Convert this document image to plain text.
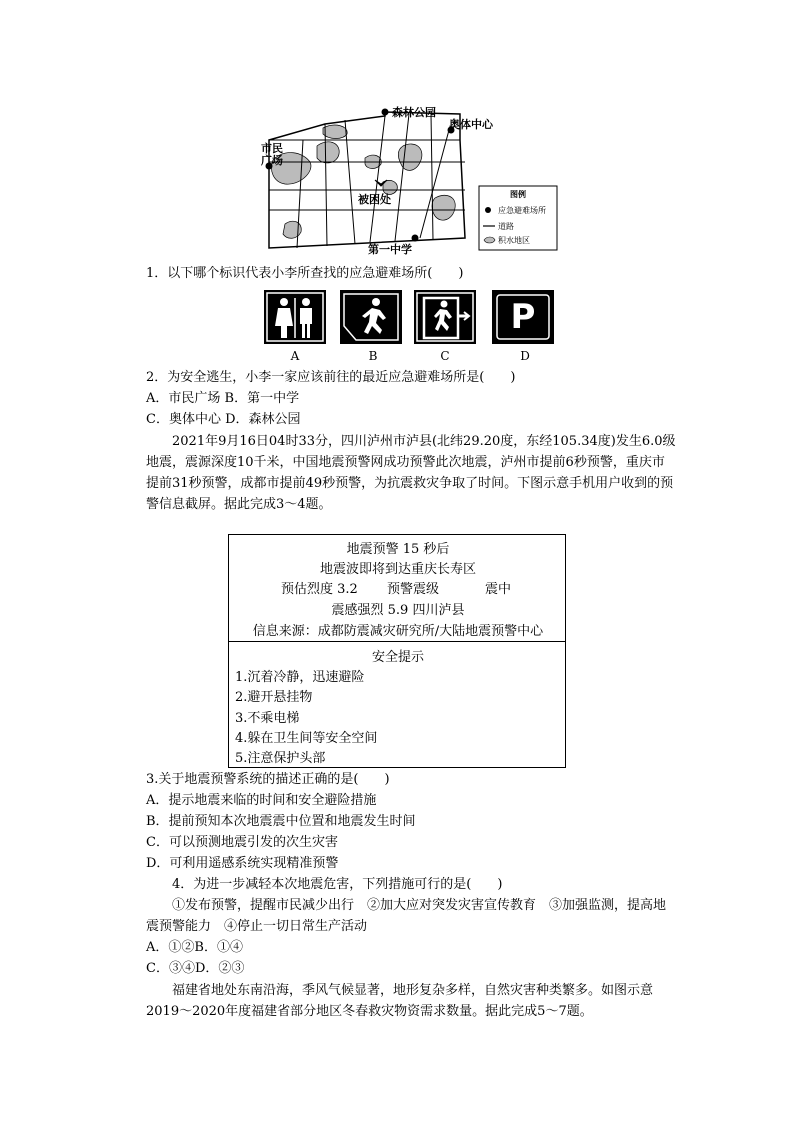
森林公园
奥体中心
市民
广场
被困处
第一中学
图例
应急避难场所
道路
积水地区
1．以下哪个标识代表小李所查找的应急避难场所(　　)
P
A	B	C	D
2．为安全逃生，小李一家应该前往的最近应急避难场所是(　　)
A．市民广场 B．第一中学
C．奥体中心 D．森林公园
2021年9月16日04时33分，四川泸州市泸县(北纬29.20度，东经105.34度)发生6.0级地震，震源深度10千米，中国地震预警网成功预警此次地震，泸州市提前6秒预警，重庆市提前31秒预警，成都市提前49秒预警，为抗震救灾争取了时间。下图示意手机用户收到的预警信息截屏。据此完成3～4题。
地震预警 15 秒后
地震波即将到达重庆长寿区
预估烈度 3.2 预警震级	震中
震感强烈 5.9 四川泸县
信息来源：成都防震减灾研究所/大陆地震预警中心
安全提示
1.沉着冷静，迅速避险
2.避开悬挂物
3.不乘电梯
4.躲在卫生间等安全空间
5.注意保护头部
3.关于地震预警系统的描述正确的是(　　)
A．提示地震来临的时间和安全避险措施
B．提前预知本次地震震中位置和地震发生时间
C．可以预测地震引发的次生灾害
D．可利用遥感系统实现精准预警
4．为进一步减轻本次地震危害，下列措施可行的是(　　)
①发布预警，提醒市民减少出行　②加大应对突发灾害宣传教育　③加强监测，提高地
震预警能力　④停止一切日常生产活动
A．①②B．①④
C．③④D．②③
福建省地处东南沿海，季风气候显著，地形复杂多样，自然灾害种类繁多。如图示意2019～2020年度福建省部分地区冬春救灾物资需求数量。据此完成5～7题。
